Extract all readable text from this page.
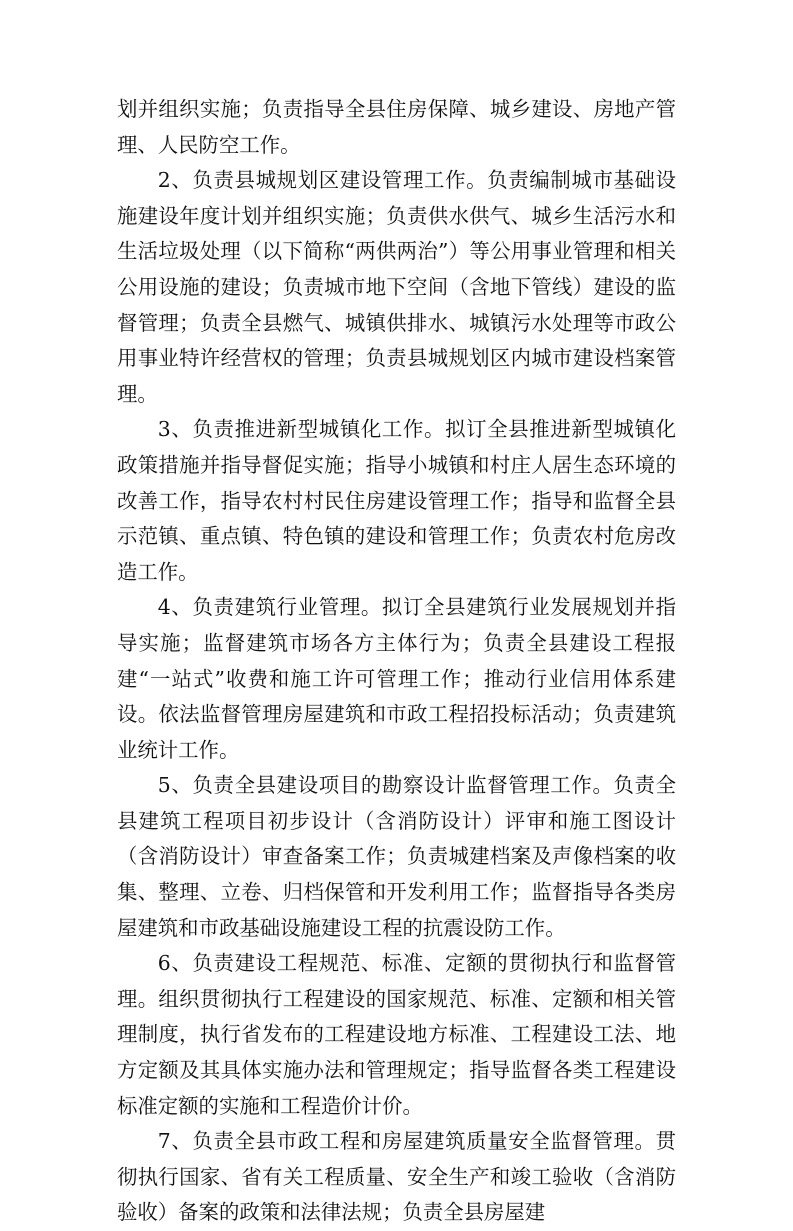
划并组织实施；负责指导全县住房保障、城乡建设、房地产管理、人民防空工作。

2、负责县城规划区建设管理工作。负责编制城市基础设施建设年度计划并组织实施；负责供水供气、城乡生活污水和生活垃圾处理（以下简称“两供两治”）等公用事业管理和相关公用设施的建设；负责城市地下空间（含地下管线）建设的监督管理；负责全县燃气、城镇供排水、城镇污水处理等市政公用事业特许经营权的管理；负责县城规划区内城市建设档案管理。

3、负责推进新型城镇化工作。拟订全县推进新型城镇化政策措施并指导督促实施；指导小城镇和村庄人居生态环境的改善工作，指导农村村民住房建设管理工作；指导和监督全县示范镇、重点镇、特色镇的建设和管理工作；负责农村危房改造工作。

4、负责建筑行业管理。拟订全县建筑行业发展规划并指导实施；监督建筑市场各方主体行为；负责全县建设工程报建“一站式”收费和施工许可管理工作；推动行业信用体系建设。依法监督管理房屋建筑和市政工程招投标活动；负责建筑业统计工作。

5、负责全县建设项目的勘察设计监督管理工作。负责全县建筑工程项目初步设计（含消防设计）评审和施工图设计（含消防设计）审查备案工作；负责城建档案及声像档案的收集、整理、立卷、归档保管和开发利用工作；监督指导各类房屋建筑和市政基础设施建设工程的抗震设防工作。

6、负责建设工程规范、标准、定额的贯彻执行和监督管理。组织贯彻执行工程建设的国家规范、标准、定额和相关管理制度，执行省发布的工程建设地方标准、工程建设工法、地方定额及其具体实施办法和管理规定；指导监督各类工程建设标准定额的实施和工程造价计价。

7、负责全县市政工程和房屋建筑质量安全监督管理。贯彻执行国家、省有关工程质量、安全生产和竣工验收（含消防验收）备案的政策和法律法规；负责全县房屋建
